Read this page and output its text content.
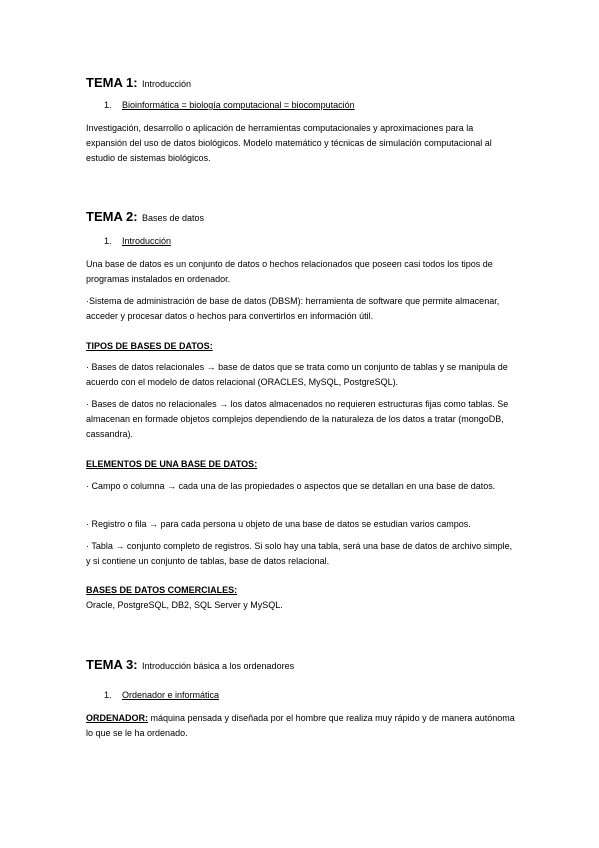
TEMA 1: Introducción
1. Bioinformática = biología computacional = biocomputación
Investigación, desarrollo o aplicación de herramientas computacionales y aproximaciones para la expansión del uso de datos biológicos. Modelo matemático y técnicas de simulación computacional al estudio de sistemas biológicos.
TEMA 2: Bases de datos
1. Introducción
Una base de datos es un conjunto de datos o hechos relacionados que poseen casi todos los tipos de programas instalados en ordenador.
·Sistema de administración de base de datos (DBSM): herramienta de software que permite almacenar, acceder y procesar datos o hechos para convertirlos en información útil.
TIPOS DE BASES DE DATOS:
· Bases de datos relacionales → base de datos que se trata como un conjunto de tablas y se manipula de acuerdo con el modelo de datos relacional (ORACLES, MySQL, PostgreSQL).
· Bases de datos no relacionales → los datos almacenados no requieren estructuras fijas como tablas. Se almacenan en formade objetos complejos dependiendo de la naturaleza de los datos a tratar (mongoDB, cassandra).
ELEMENTOS DE UNA BASE DE DATOS:
· Campo o columna → cada una de las propiedades o aspectos que se detallan en una base de datos.
· Registro o fila → para cada persona u objeto de una base de datos se estudian varios campos.
· Tabla → conjunto completo de registros. Si solo hay una tabla, será una base de datos de archivo simple, y si contiene un conjunto de tablas, base de datos relacional.
BASES DE DATOS COMERCIALES:
Oracle, PostgreSQL, DB2, SQL Server y MySQL.
TEMA 3: Introducción básica a los ordenadores
1. Ordenador e informática
ORDENADOR: máquina pensada y diseñada por el hombre que realiza muy rápido y de manera autónoma lo que se le ha ordenado.
